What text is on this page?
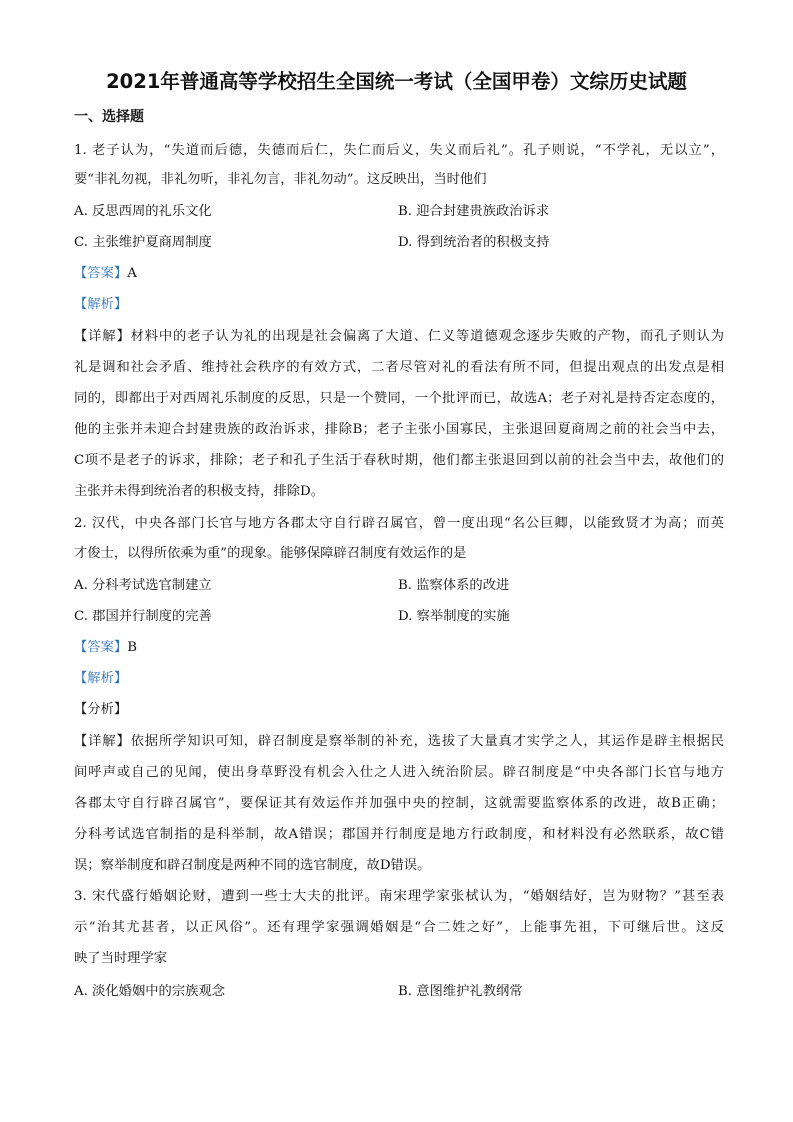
2021年普通高等学校招生全国统一考试（全国甲卷）文综历史试题
一、选择题
1. 老子认为，“失道而后德，失德而后仁，失仁而后义，失义而后礼”。孔子则说，“不学礼，无以立”，
要“非礼勿视，非礼勿听，非礼勿言，非礼勿动”。这反映出，当时他们
A. 反思西周的礼乐文化	B. 迎合封建贵族政治诉求
C. 主张维护夏商周制度	D. 得到统治者的积极支持
【答案】A
【解析】
【详解】材料中的老子认为礼的出现是社会偏离了大道、仁义等道德观念逐步失败的产物，而孔子则认为
礼是调和社会矛盾、维持社会秩序的有效方式，二者尽管对礼的看法有所不同，但提出观点的出发点是相
同的，即都出于对西周礼乐制度的反思，只是一个赞同，一个批评而已，故选A；老子对礼是持否定态度的，
他的主张并未迎合封建贵族的政治诉求，排除B；老子主张小国寡民，主张退回夏商周之前的社会当中去，
C项不是老子的诉求，排除；老子和孔子生活于春秋时期，他们都主张退回到以前的社会当中去，故他们的
主张并未得到统治者的积极支持，排除D。
2. 汉代，中央各部门长官与地方各郡太守自行辟召属官，曾一度出现“名公巨卿，以能致贤才为高；而英
才俊士，以得所依乘为重”的现象。能够保障辟召制度有效运作的是
A. 分科考试选官制建立	B. 监察体系的改进
C. 郡国并行制度的完善	D. 察举制度的实施
【答案】B
【解析】
【分析】
【详解】依据所学知识可知，辟召制度是察举制的补充，选拔了大量真才实学之人，其运作是辟主根据民
间呼声或自己的见闻，使出身草野没有机会入仕之人进入统治阶层。辟召制度是“中央各部门长官与地方
各郡太守自行辟召属官”，要保证其有效运作并加强中央的控制，这就需要监察体系的改进，故B正确；
分科考试选官制指的是科举制，故A错误；郡国并行制度是地方行政制度，和材料没有必然联系，故C错
误；察举制度和辟召制度是两种不同的选官制度，故D错误。
3. 宋代盛行婚姻论财，遭到一些士大夫的批评。南宋理学家张栻认为，“婚姻结好，岂为财物？”甚至表
示“治其尤甚者，以正风俗”。还有理学家强调婚姻是“合二姓之好”，上能事先祖，下可继后世。这反
映了当时理学家
A. 淡化婚姻中的宗族观念	B. 意图维护礼教纲常
